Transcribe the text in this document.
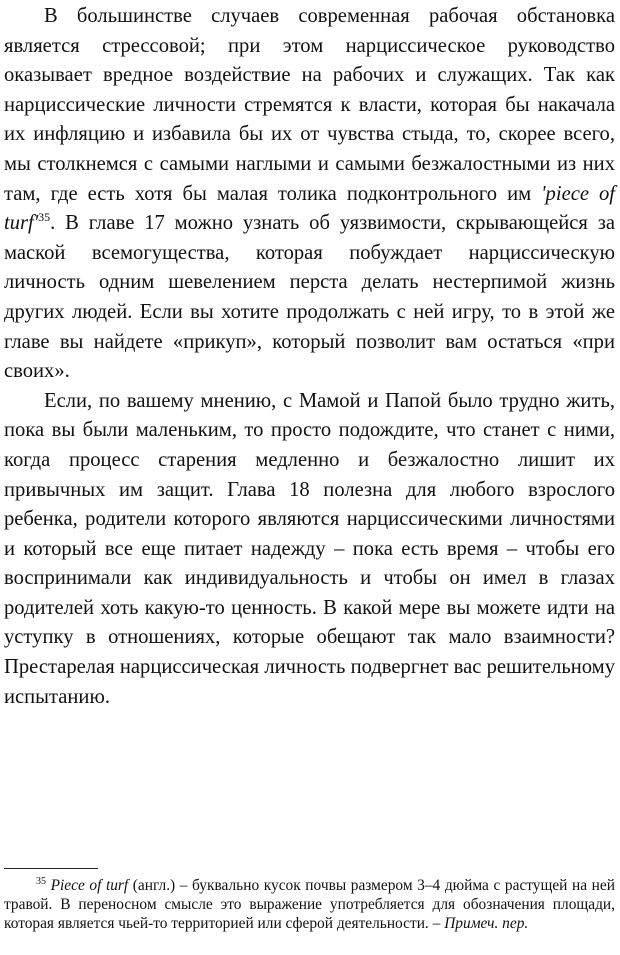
В большинстве случаев современная рабочая обстановка является стрессовой; при этом нарциссическое руководство оказывает вредное воздействие на рабочих и служащих. Так как нарциссические личности стремятся к власти, которая бы накачала их инфляцию и избавила бы их от чувства стыда, то, скорее всего, мы столкнемся с самыми наглыми и самыми безжалостными из них там, где есть хотя бы малая толика подконтрольного им 'piece of turf'$^{35}$. В главе 17 можно узнать об уязвимости, скрывающейся за маской всемогущества, которая побуждает нарциссическую личность одним шевелением перста делать нестерпимой жизнь других людей. Если вы хотите продолжать с ней игру, то в этой же главе вы найдете «прикуп», который позволит вам остаться «при своих».

Если, по вашему мнению, с Мамой и Папой было трудно жить, пока вы были маленьким, то просто подождите, что станет с ними, когда процесс старения медленно и безжалостно лишит их привычных им защит. Глава 18 полезна для любого взрослого ребенка, родители которого являются нарциссическими личностями и который все еще питает надежду – пока есть время – чтобы его воспринимали как индивидуальность и чтобы он имел в глазах родителей хоть какую-то ценность. В какой мере вы можете идти на уступку в отношениях, которые обещают так мало взаимности? Престарелая нарциссическая личность подвергнет вас решительному испытанию.

$^{35}$ Piece of turf (англ.) – буквально кусок почвы размером 3–4 дюйма с растущей на ней травой. В переносном смысле это выражение употребляется для обозначения площади, которая является чьей-то территорией или сферой деятельности. – Примеч. пер.
